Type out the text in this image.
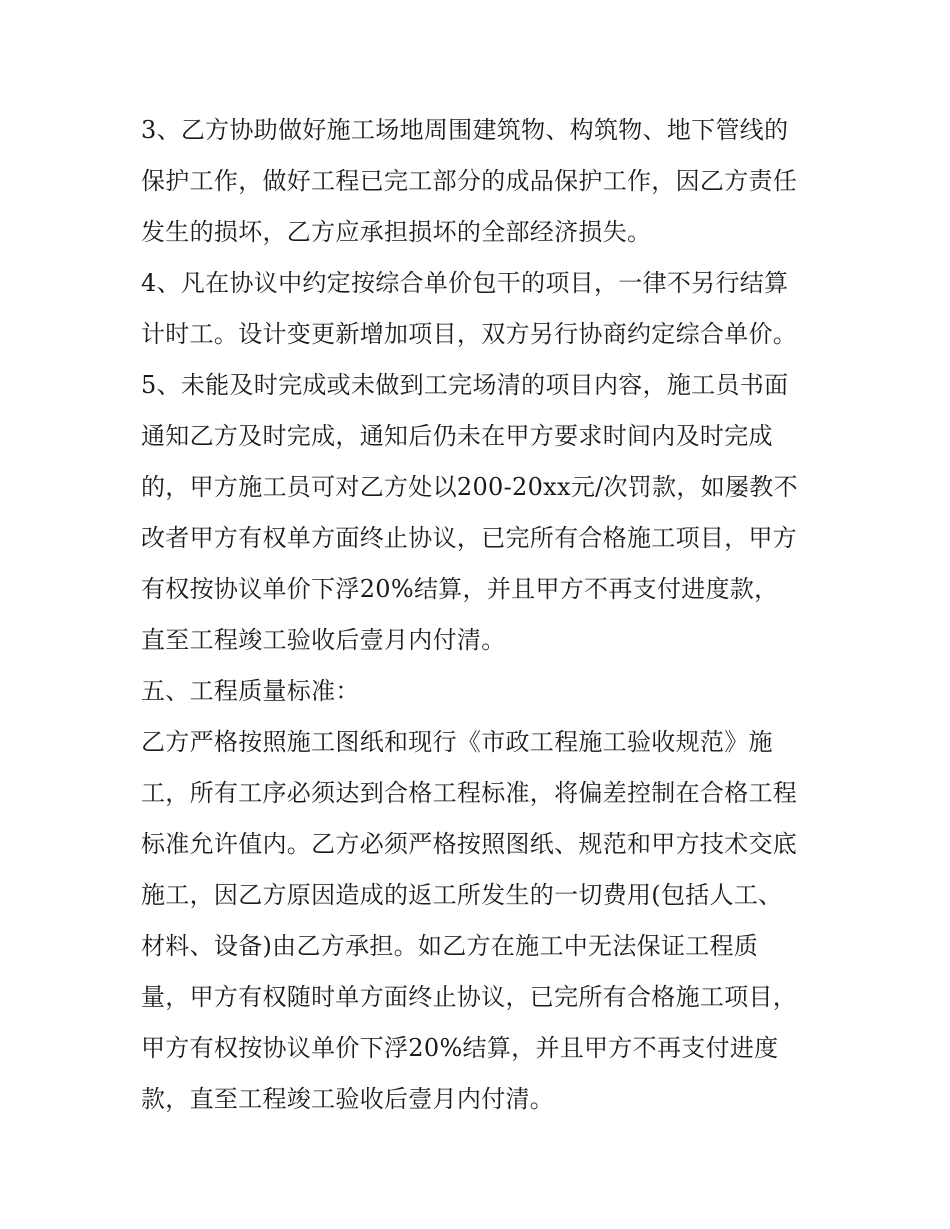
3、乙方协助做好施工场地周围建筑物、构筑物、地下管线的
保护工作，做好工程已完工部分的成品保护工作，因乙方责任
发生的损坏，乙方应承担损坏的全部经济损失。
4、凡在协议中约定按综合单价包干的项目，一律不另行结算
计时工。设计变更新增加项目，双方另行协商约定综合单价。
5、未能及时完成或未做到工完场清的项目内容，施工员书面
通知乙方及时完成，通知后仍未在甲方要求时间内及时完成
的，甲方施工员可对乙方处以200-20xx元/次罚款，如屡教不
改者甲方有权单方面终止协议，已完所有合格施工项目，甲方
有权按协议单价下浮20%结算，并且甲方不再支付进度款，
直至工程竣工验收后壹月内付清。
五、工程质量标准：
乙方严格按照施工图纸和现行《市政工程施工验收规范》施
工，所有工序必须达到合格工程标准，将偏差控制在合格工程
标准允许值内。乙方必须严格按照图纸、规范和甲方技术交底
施工，因乙方原因造成的返工所发生的一切费用(包括人工、
材料、设备)由乙方承担。如乙方在施工中无法保证工程质
量，甲方有权随时单方面终止协议，已完所有合格施工项目，
甲方有权按协议单价下浮20%结算，并且甲方不再支付进度
款，直至工程竣工验收后壹月内付清。
